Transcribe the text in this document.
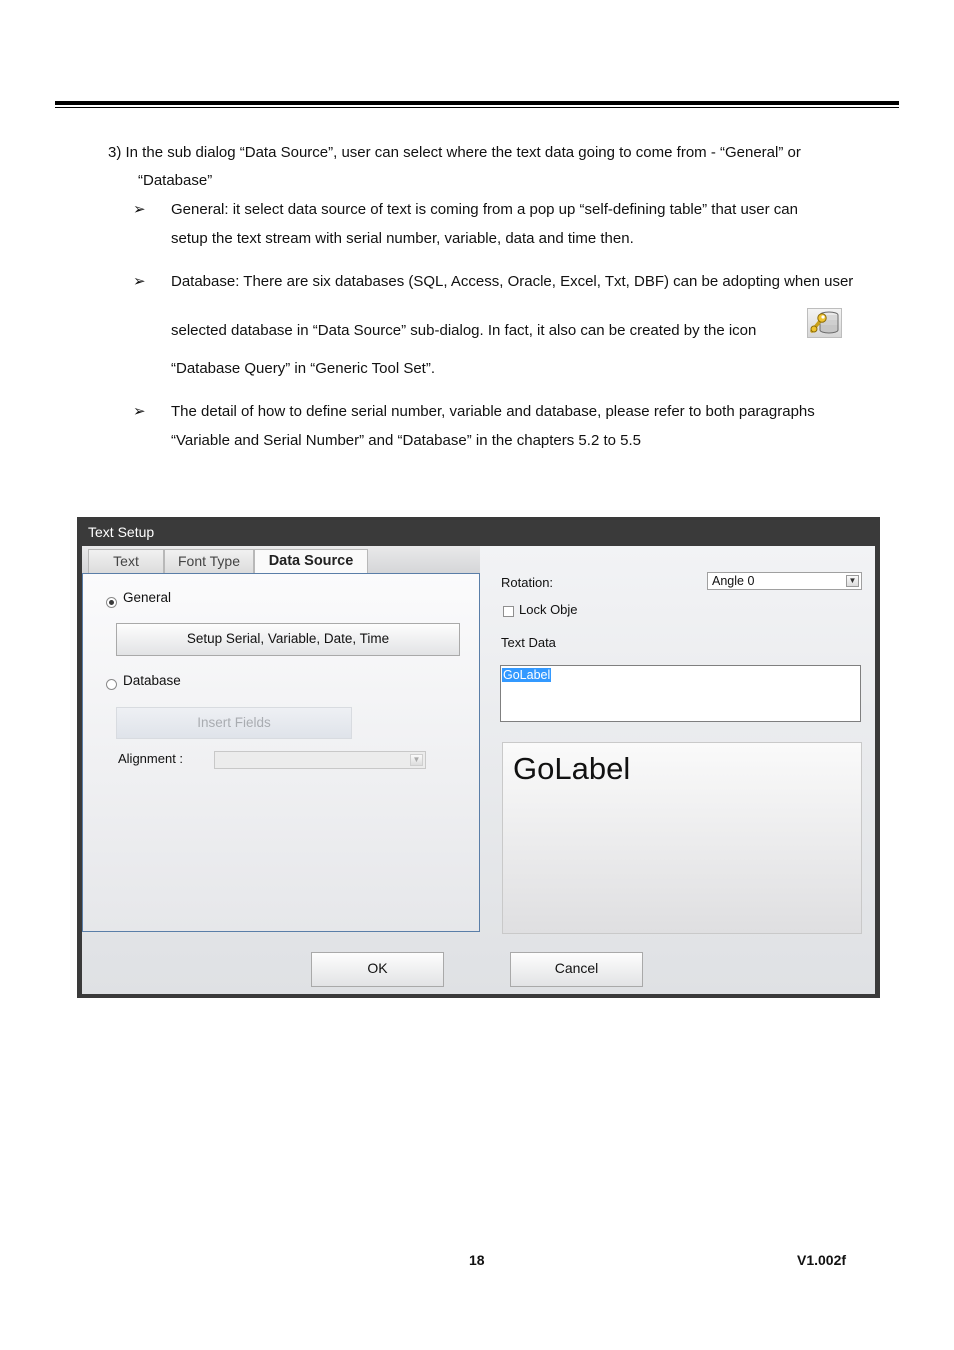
3) In the sub dialog “Data Source”, user can select where the text data going to come from - “General” or
“Database”
➢ General: it select data source of text is coming from a pop up “self-defining table” that user can
setup the text stream with serial number, variable, data and time then.
➢ Database: There are six databases (SQL, Access, Oracle, Excel, Txt, DBF) can be adopting when user
selected database in “Data Source” sub-dialog. In fact, it also can be created by the icon
“Database Query” in “Generic Tool Set”.
➢ The detail of how to define serial number, variable and database, please refer to both paragraphs
“Variable and Serial Number” and “Database” in the chapters 5.2 to 5.5
Text Setup
Text	Font Type	Data Source
General
Setup Serial, Variable, Date, Time
Database
Insert Fields
Alignment :	▼
Rotation:	Angle 0	▼
Lock Obje
Text Data
GoLabel
GoLabel
OK	Cancel
18	V1.002f
